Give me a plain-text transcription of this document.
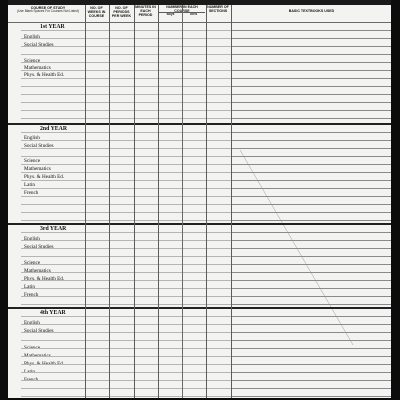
COURSE OF STUDY
(Use Blank Spaces For Courses Not Listed)
NO. OF WEEKS IN COURSE
NO. OF PERIODS PER WEEK
MINUTES IN EACH PERIOD
NUMBER IN EACH COURSE
Boys	Girls
NUMBER OF SECTIONS	BASIC TEXTBOOKS USED
1st YEAR
2nd YEAR
3rd YEAR
4th YEAR
English
Social Studies
Science
Mathematics
Phys. & Health Ed.
English
Social Studies
Science
Mathematics
Phys. & Health Ed.
Latin
French
English
Social Studies
Science
Mathematics
Phys. & Health Ed.
Latin
French
English
Social Studies
Science
Mathematics
Phys. & Health Ed.
Latin
French
